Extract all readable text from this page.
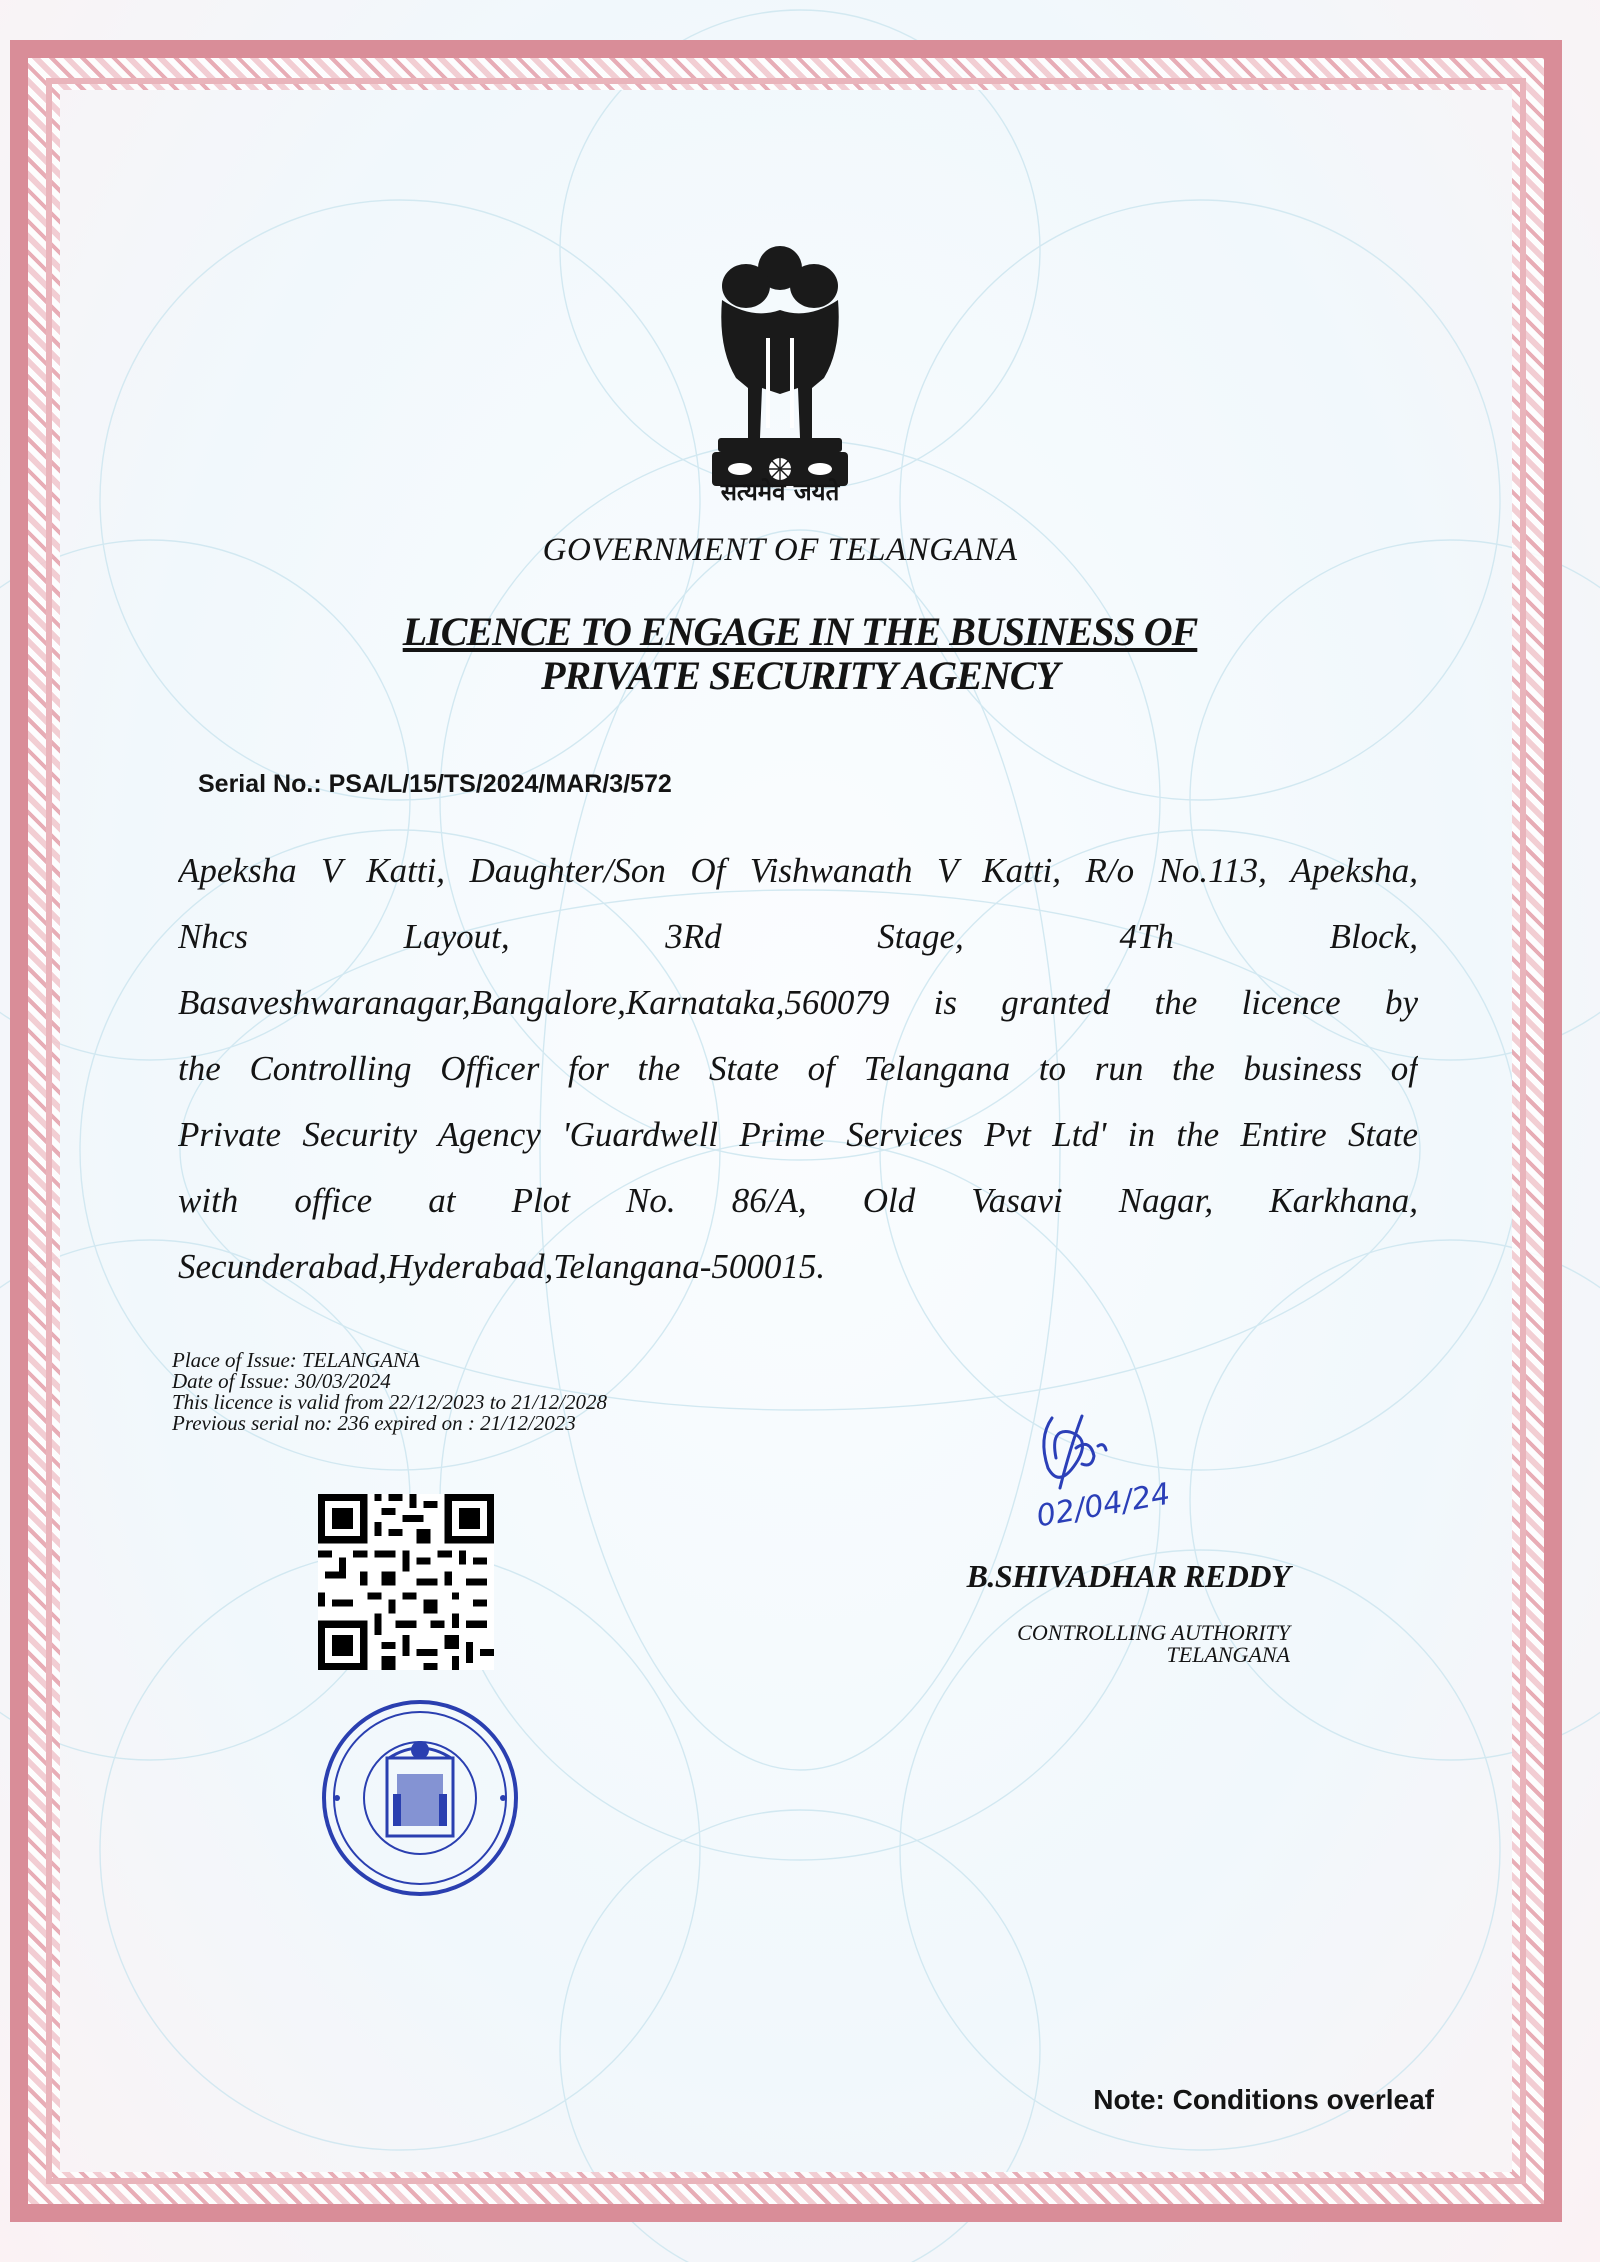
सत्यमेव जयते
GOVERNMENT OF TELANGANA
LICENCE TO ENGAGE IN THE BUSINESS OF
PRIVATE SECURITY AGENCY
Serial No.: PSA/L/15/TS/2024/MAR/3/572
Apeksha V Katti, Daughter/Son Of Vishwanath V Katti, R/o No.113, Apeksha,
Nhcs Layout, 3Rd Stage, 4Th Block,
Basaveshwaranagar,Bangalore,Karnataka,560079 is granted the licence by
the Controlling Officer for the State of Telangana to run the business of
Private Security Agency 'Guardwell Prime Services Pvt Ltd' in the Entire State
with office at Plot No. 86/A, Old Vasavi Nagar, Karkhana,
Secunderabad,Hyderabad,Telangana-500015.
Place of Issue: TELANGANA
Date of Issue: 30/03/2024
This licence is valid from 22/12/2023 to 21/12/2028
Previous serial no: 236 expired on : 21/12/2023
02/04/24
B.SHIVADHAR REDDY
CONTROLLING AUTHORITY
TELANGANA
Note: Conditions overleaf
